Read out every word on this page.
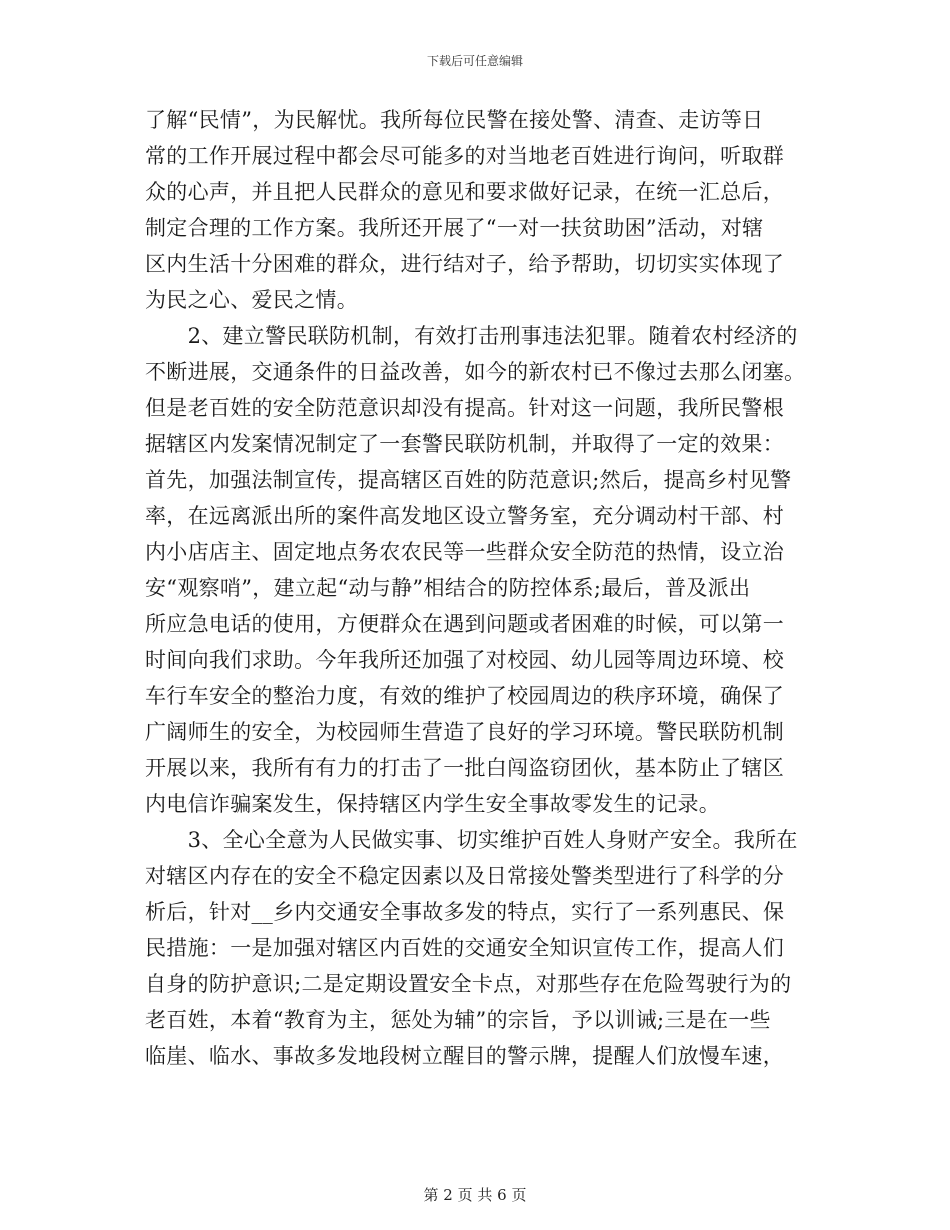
下载后可任意编辑
了解“民情”，为民解忧。我所每位民警在接处警、清查、走访等日
常的工作开展过程中都会尽可能多的对当地老百姓进行询问，听取群
众的心声，并且把人民群众的意见和要求做好记录，在统一汇总后，
制定合理的工作方案。我所还开展了“一对一扶贫助困”活动，对辖
区内生活十分困难的群众，进行结对子，给予帮助，切切实实体现了
为民之心、爱民之情。
　　2、建立警民联防机制，有效打击刑事违法犯罪。随着农村经济的
不断进展，交通条件的日益改善，如今的新农村已不像过去那么闭塞。
但是老百姓的安全防范意识却没有提高。针对这一问题，我所民警根
据辖区内发案情况制定了一套警民联防机制，并取得了一定的效果：
首先，加强法制宣传，提高辖区百姓的防范意识;然后，提高乡村见警
率，在远离派出所的案件高发地区设立警务室，充分调动村干部、村
内小店店主、固定地点务农农民等一些群众安全防范的热情，设立治
安“观察哨”，建立起“动与静”相结合的防控体系;最后，普及派出
所应急电话的使用，方便群众在遇到问题或者困难的时候，可以第一
时间向我们求助。今年我所还加强了对校园、幼儿园等周边环境、校
车行车安全的整治力度，有效的维护了校园周边的秩序环境，确保了
广阔师生的安全，为校园师生营造了良好的学习环境。警民联防机制
开展以来，我所有有力的打击了一批白闯盗窃团伙，基本防止了辖区
内电信诈骗案发生，保持辖区内学生安全事故零发生的记录。
　　3、全心全意为人民做实事、切实维护百姓人身财产安全。我所在
对辖区内存在的安全不稳定因素以及日常接处警类型进行了科学的分
析后，针对__乡内交通安全事故多发的特点，实行了一系列惠民、保
民措施：一是加强对辖区内百姓的交通安全知识宣传工作，提高人们
自身的防护意识;二是定期设置安全卡点，对那些存在危险驾驶行为的
老百姓，本着“教育为主，惩处为辅”的宗旨，予以训诫;三是在一些
临崖、临水、事故多发地段树立醒目的警示牌，提醒人们放慢车速，
第 2 页 共 6 页
